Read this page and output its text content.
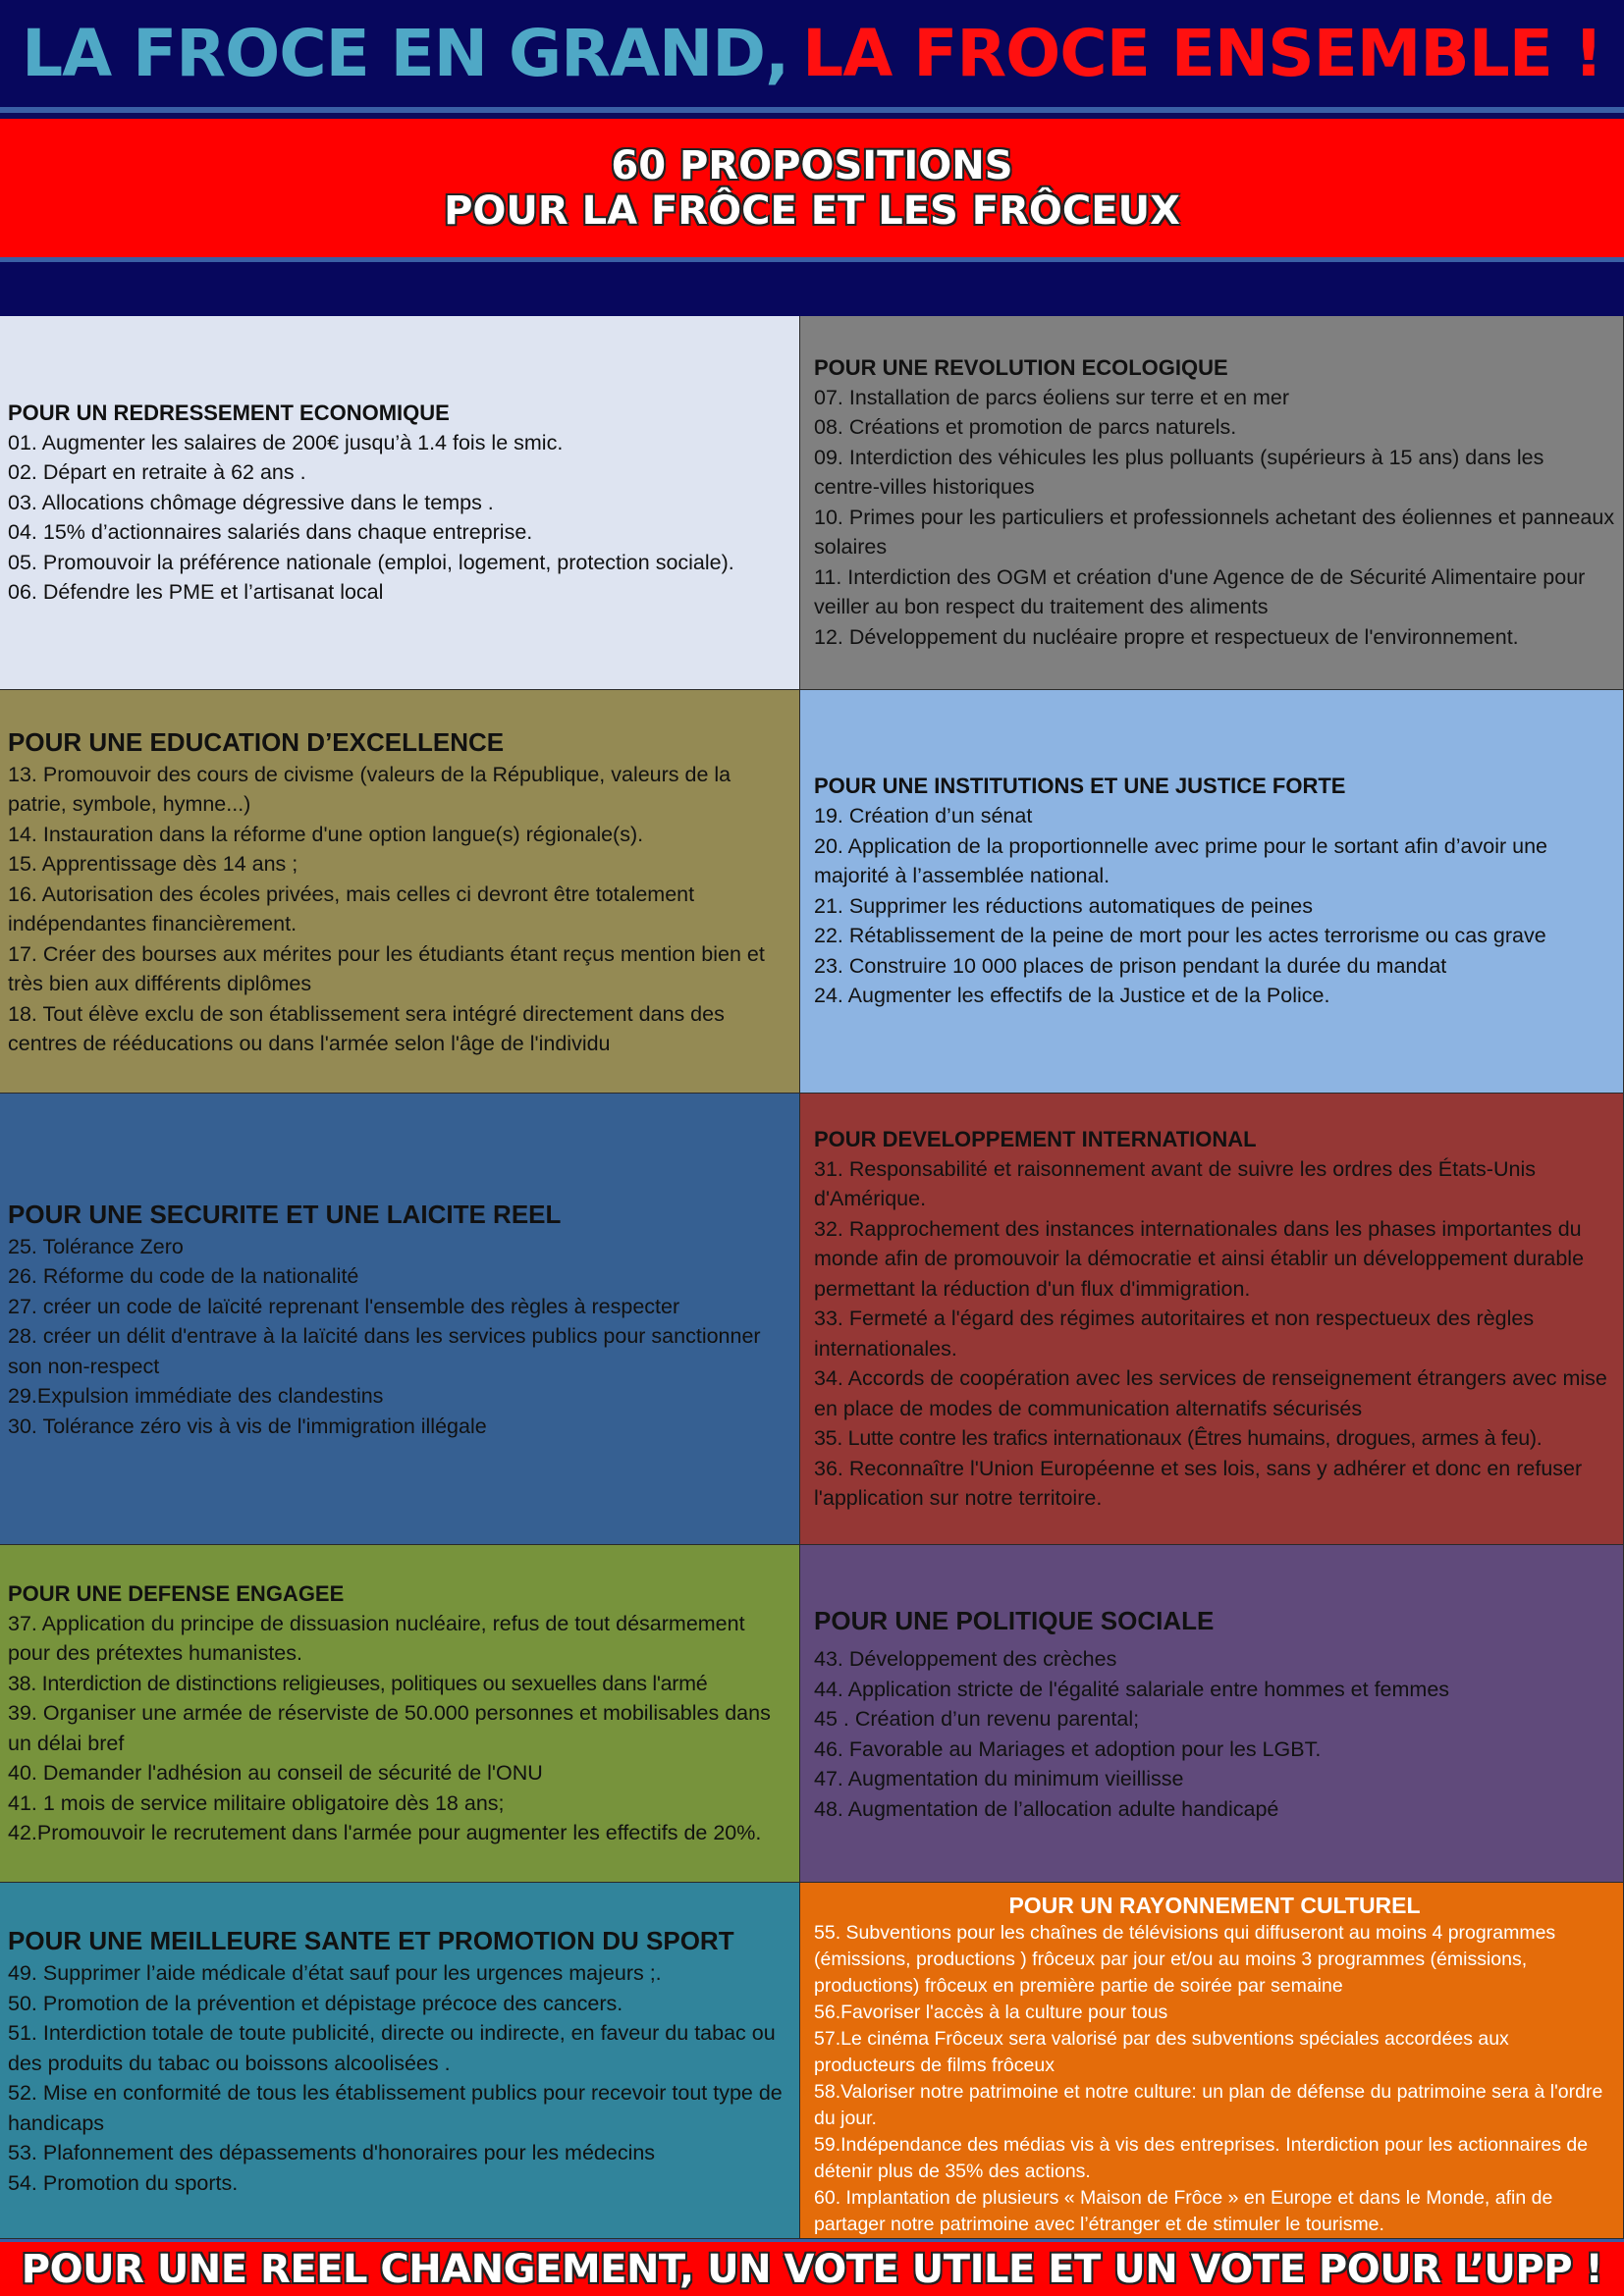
LA FROCE EN GRAND, LA FROCE ENSEMBLE !
60 PROPOSITIONS
POUR LA FRÔCE ET LES FRÔCEUX
POUR UN REDRESSEMENT ECONOMIQUE
01. Augmenter les salaires de 200€ jusqu’à 1.4 fois le smic.
02. Départ en retraite à 62 ans .
03. Allocations chômage dégressive dans le temps .
04. 15% d’actionnaires salariés dans chaque entreprise.
05. Promouvoir la préférence nationale (emploi, logement, protection sociale).
06. Défendre les PME et l’artisanat local
POUR UNE REVOLUTION ECOLOGIQUE
07. Installation de parcs éoliens sur terre et en mer
08. Créations et promotion de parcs naturels.
09. Interdiction des véhicules les plus polluants (supérieurs à 15 ans) dans les centre-villes historiques
10. Primes pour les particuliers et professionnels achetant des éoliennes et panneaux solaires
11. Interdiction des OGM et création d'une Agence de de Sécurité Alimentaire pour veiller au bon respect du traitement des aliments
12. Développement du nucléaire propre et respectueux de l'environnement.
POUR UNE EDUCATION D’EXCELLENCE
13. Promouvoir des cours de civisme (valeurs de la République, valeurs de la patrie, symbole, hymne...)
14. Instauration dans la réforme d'une option langue(s) régionale(s).
15. Apprentissage dès 14 ans ;
16. Autorisation des écoles privées, mais celles ci devront être totalement indépendantes financièrement.
17. Créer des bourses aux mérites pour les étudiants étant reçus mention bien et très bien aux différents diplômes
18. Tout élève exclu de son établissement sera intégré directement dans des centres de rééducations ou dans l'armée selon l'âge de l'individu
POUR UNE INSTITUTIONS ET UNE JUSTICE FORTE
19. Création d’un sénat
20. Application de la proportionnelle avec prime pour le sortant afin d’avoir une majorité à l’assemblée national.
21. Supprimer les réductions automatiques de peines
22. Rétablissement de la peine de mort pour les actes terrorisme ou cas grave
23. Construire 10 000 places de prison pendant la durée du mandat
24. Augmenter les effectifs de la Justice et de la Police.
POUR UNE SECURITE ET UNE LAICITE REEL
25. Tolérance Zero
26. Réforme du code de la nationalité
27. créer un code de laïcité reprenant l'ensemble des règles à respecter
28. créer un délit d'entrave à la laïcité dans les services publics pour sanctionner son non-respect
29.Expulsion immédiate des clandestins
30. Tolérance zéro vis à vis de l'immigration illégale
POUR DEVELOPPEMENT INTERNATIONAL
31. Responsabilité et raisonnement avant de suivre les ordres des États-Unis d'Amérique.
32. Rapprochement des instances internationales dans les phases importantes du monde afin de promouvoir la démocratie et ainsi établir un développement durable permettant la réduction d'un flux d'immigration.
33. Fermeté a l'égard des régimes autoritaires et non respectueux des règles internationales.
34. Accords de coopération avec les services de renseignement étrangers avec mise en place de modes de communication alternatifs sécurisés
35. Lutte contre les trafics internationaux (Êtres humains, drogues, armes à feu).
36. Reconnaître l'Union Européenne et ses lois, sans y adhérer et donc en refuser l'application sur notre territoire.
POUR UNE DEFENSE ENGAGEE
37. Application du principe de dissuasion nucléaire, refus de tout désarmement pour des prétextes humanistes.
38. Interdiction de distinctions religieuses, politiques ou sexuelles dans l'armé
39. Organiser une armée de réserviste de 50.000 personnes et mobilisables dans un délai bref
40. Demander l'adhésion au conseil de sécurité de l'ONU
41. 1 mois de service militaire obligatoire dès 18 ans;
42.Promouvoir le recrutement dans l'armée pour augmenter les effectifs de 20%.
POUR UNE POLITIQUE SOCIALE
43. Développement des crèches
44. Application stricte de l'égalité salariale entre hommes et femmes
45 . Création d’un revenu parental;
46. Favorable au Mariages et adoption pour les LGBT.
47. Augmentation du minimum vieillisse
48. Augmentation de l’allocation adulte handicapé
POUR UNE MEILLEURE SANTE ET PROMOTION DU SPORT
49. Supprimer l’aide médicale d’état sauf pour les urgences majeurs ;.
50. Promotion de la prévention et dépistage précoce des cancers.
51. Interdiction totale de toute publicité, directe ou indirecte, en faveur du tabac ou des produits du tabac ou boissons alcoolisées .
52. Mise en conformité de tous les établissement publics pour recevoir tout type de handicaps
53. Plafonnement des dépassements d'honoraires pour les médecins
54. Promotion du sports.
POUR UN RAYONNEMENT CULTUREL
55. Subventions pour les chaînes de télévisions qui diffuseront au moins 4 programmes (émissions, productions ) frôceux par jour et/ou au moins 3 programmes (émissions, productions) frôceux en première partie de soirée par semaine
56.Favoriser l'accès à la culture pour tous
57.Le cinéma Frôceux sera valorisé par des subventions spéciales accordées aux producteurs de films frôceux
58.Valoriser notre patrimoine et notre culture: un plan de défense du patrimoine sera à l'ordre du jour.
59.Indépendance des médias vis à vis des entreprises. Interdiction pour les actionnaires de détenir plus de 35% des actions.
60. Implantation de plusieurs « Maison de Frôce » en Europe et dans le Monde, afin de partager notre patrimoine avec l’étranger et de stimuler le tourisme.
POUR UNE REEL CHANGEMENT, UN VOTE UTILE ET UN VOTE POUR L’UPP !
